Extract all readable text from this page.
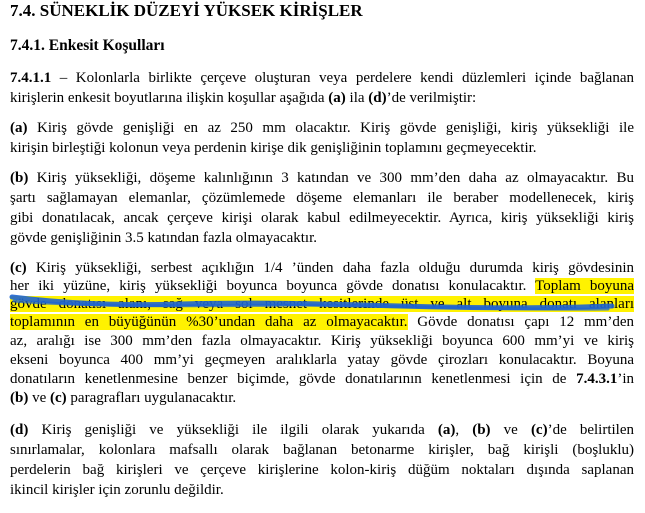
7.4. SÜNEKLİK DÜZEYİ YÜKSEK KİRİŞLER
7.4.1. Enkesit Koşulları
7.4.1.1 – Kolonlarla birlikte çerçeve oluşturan veya perdelere kendi düzlemleri içinde bağlanan
kirişlerin enkesit boyutlarına ilişkin koşullar aşağıda (a) ila (d)’de verilmiştir:
(a) Kiriş gövde genişliği en az 250 mm olacaktır. Kiriş gövde genişliği, kiriş yüksekliği ile
kirişin birleştiği kolonun veya perdenin kirişe dik genişliğinin toplamını geçmeyecektir.
(b) Kiriş yüksekliği, döşeme kalınlığının 3 katından ve 300 mm’den daha az olmayacaktır. Bu
şartı sağlamayan elemanlar, çözümlemede döşeme elemanları ile beraber modellenecek, kiriş
gibi donatılacak, ancak çerçeve kirişi olarak kabul edilmeyecektir. Ayrıca, kiriş yüksekliği kiriş
gövde genişliğinin 3.5 katından fazla olmayacaktır.
(c) Kiriş yüksekliği, serbest açıklığın 1/4 ’ünden daha fazla olduğu durumda kiriş gövdesinin
her iki yüzüne, kiriş yüksekliği boyunca boyunca gövde donatısı konulacaktır. Toplam boyuna
gövde donatısı alanı, sağ veya sol mesnet kesitlerinde üst ve alt boyuna donatı alanları
toplamının en büyüğünün %30’undan daha az olmayacaktır. Gövde donatısı çapı 12 mm’den
az, aralığı ise 300 mm’den fazla olmayacaktır. Kiriş yüksekliği boyunca 600 mm’yi ve kiriş
ekseni boyunca 400 mm’yi geçmeyen aralıklarla yatay gövde çirozları konulacaktır. Boyuna
donatıların kenetlenmesine benzer biçimde, gövde donatılarının kenetlenmesi için de 7.4.3.1’in
(b) ve (c) paragrafları uygulanacaktır.
(d) Kiriş genişliği ve yüksekliği ile ilgili olarak yukarıda (a), (b) ve (c)’de belirtilen
sınırlamalar, kolonlara mafsallı olarak bağlanan betonarme kirişler, bağ kirişli (boşluklu)
perdelerin bağ kirişleri ve çerçeve kirişlerine kolon-kiriş düğüm noktaları dışında saplanan
ikincil kirişler için zorunlu değildir.
